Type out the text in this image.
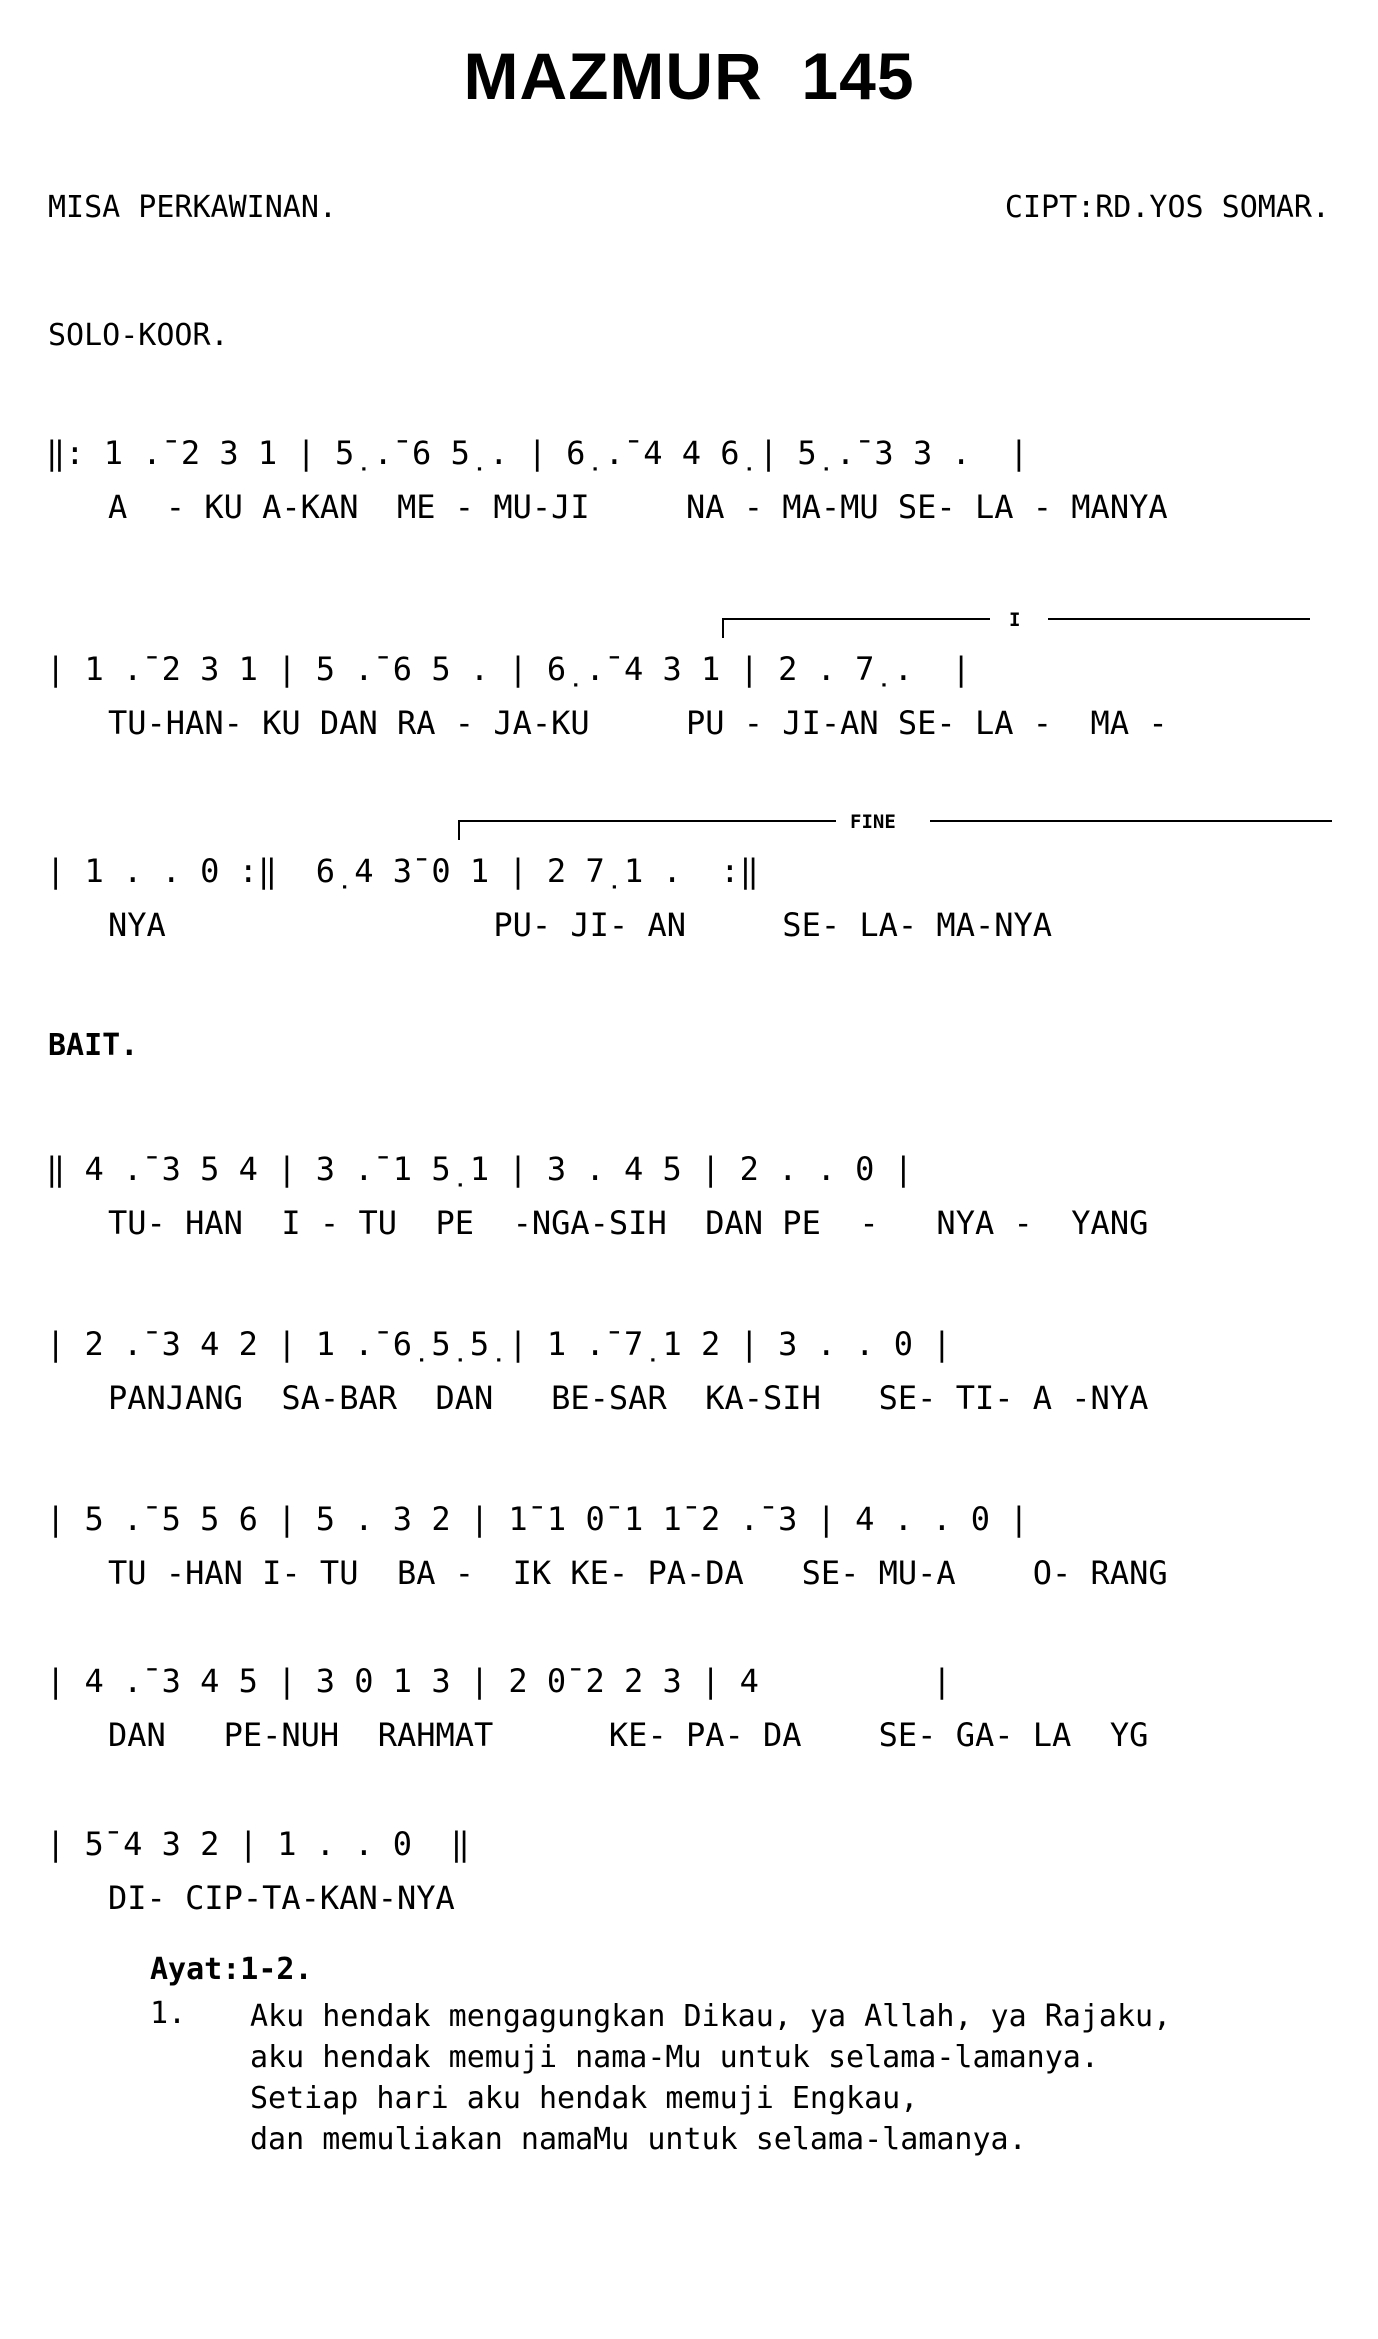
MAZMUR  145
MISA PERKAWINAN.	CIPT:RD.YOS SOMAR.
SOLO-KOOR.
‖: 1 .¯2 3 1 | 5̣ .¯6 5̣ . | 6̣ .¯4 4 6̣ | 5̣ .¯3 3 .  |
A  - KU A-KAN  ME - MU-JI     NA - MA-MU SE- LA - MANYA
I
| 1 .¯2 3 1 | 5 .¯6 5 . | 6̣ .¯4 3 1 | 2 . 7̣ .  |
TU-HAN- KU DAN RA - JA-KU     PU - JI-AN SE- LA -  MA -
FINE
| 1 . . 0 :‖  6̣ 4 3¯0 1 | 2 7̣ 1 .  :‖
NYA                 PU- JI- AN     SE- LA- MA-NYA
BAIT.
‖ 4 .¯3 5 4 | 3 .¯1 5̣ 1 | 3 . 4 5 | 2 . . 0 |
TU- HAN  I - TU  PE  -NGA-SIH  DAN PE  -   NYA -  YANG
| 2 .¯3 4 2 | 1 .¯6̣ 5̣ 5̣ | 1 .¯7̣ 1 2 | 3 . . 0 |
PANJANG  SA-BAR  DAN   BE-SAR  KA-SIH   SE- TI- A -NYA
| 5 .¯5 5 6 | 5 . 3 2 | 1¯1 0¯1 1¯2 .¯3 | 4 . . 0 |
TU -HAN I- TU  BA -  IK KE- PA-DA   SE- MU-A    O- RANG
| 4 .¯3 4 5 | 3 0 1 3 | 2 0¯2 2 3 | 4         |
DAN   PE-NUH  RAHMAT      KE- PA- DA    SE- GA- LA  YG
| 5¯4 3 2 | 1 . . 0  ‖
DI- CIP-TA-KAN-NYA
Ayat:1-2.
1. Aku hendak mengagungkan Dikau, ya Allah, ya Rajaku,
aku hendak memuji nama-Mu untuk selama-lamanya.
Setiap hari aku hendak memuji Engkau,
dan memuliakan namaMu untuk selama-lamanya.
